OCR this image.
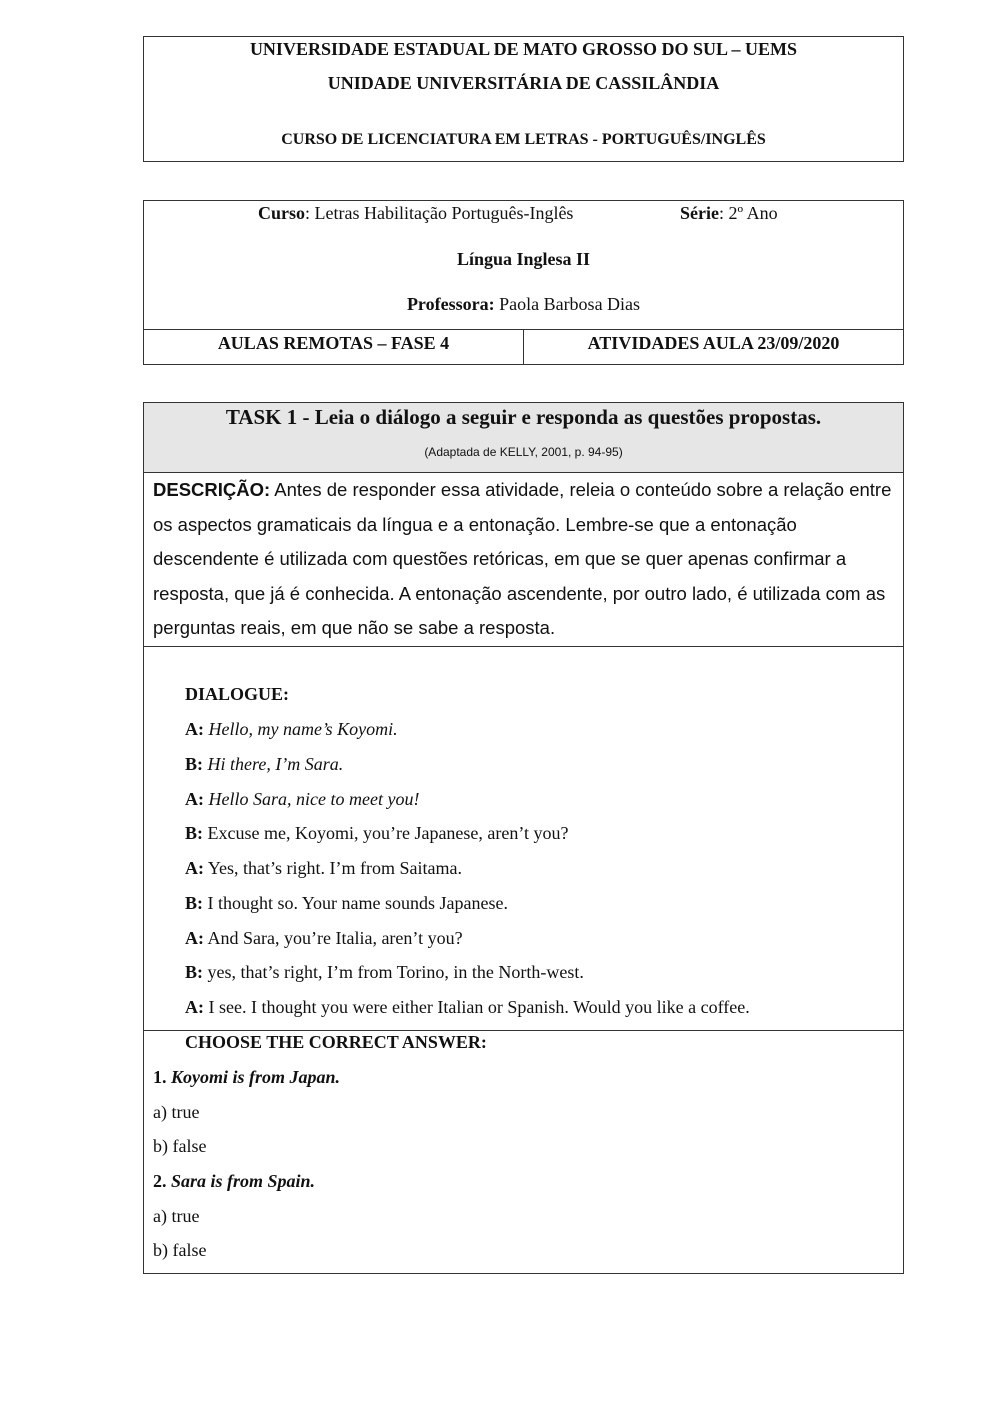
UNIVERSIDADE ESTADUAL DE MATO GROSSO DO SUL – UEMS
UNIDADE UNIVERSITÁRIA DE CASSILÂNDIA
CURSO DE LICENCIATURA EM LETRAS - PORTUGUÊS/INGLÊS
Curso: Letras Habilitação Português-Inglês	Série: 2º Ano
Língua Inglesa II
Professora: Paola Barbosa Dias
AULAS REMOTAS – FASE 4	ATIVIDADES AULA 23/09/2020
TASK 1 - Leia o diálogo a seguir e responda as questões propostas.
(Adaptada de KELLY, 2001, p. 94-95)
DESCRIÇÃO: Antes de responder essa atividade, releia o conteúdo sobre a relação entre os aspectos gramaticais da língua e a entonação. Lembre-se que a entonação descendente é utilizada com questões retóricas, em que se quer apenas confirmar a resposta, que já é conhecida. A entonação ascendente, por outro lado, é utilizada com as perguntas reais, em que não se sabe a resposta.
DIALOGUE:
A: Hello, my name’s Koyomi.
B: Hi there, I’m Sara.
A: Hello Sara, nice to meet you!
B: Excuse me, Koyomi, you’re Japanese, aren’t you?
A: Yes, that’s right. I’m from Saitama.
B: I thought so. Your name sounds Japanese.
A: And Sara, you’re Italia, aren’t you?
B: yes, that’s right, I’m from Torino, in the North-west.
A: I see. I thought you were either Italian or Spanish. Would you like a coffee.
CHOOSE THE CORRECT ANSWER:
1. Koyomi is from Japan.
a) true
b) false
2. Sara is from Spain.
a) true
b) false
